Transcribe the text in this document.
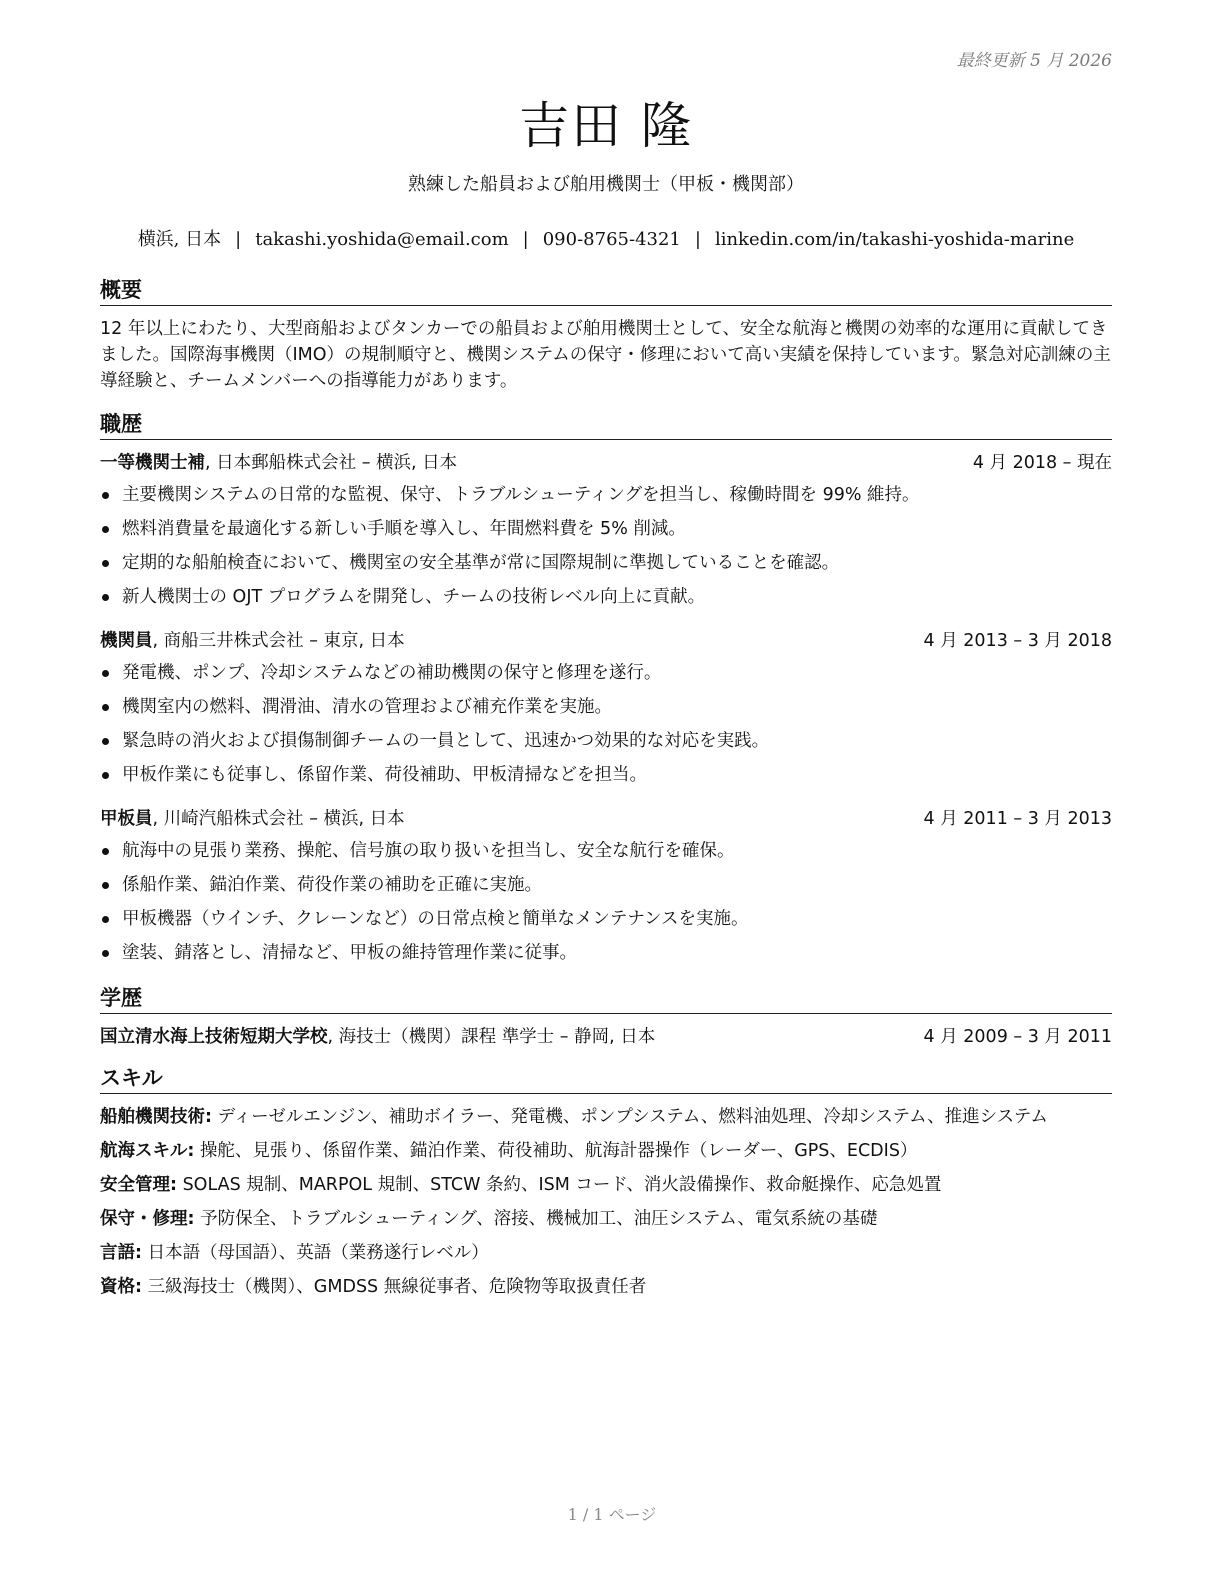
最終更新 5 月 2026
吉田 隆
熟練した船員および舶用機関士（甲板・機関部）
横浜, 日本 | takashi.yoshida@email.com | 090-8765-4321 | linkedin.com/in/takashi-yoshida-marine
概要
12 年以上にわたり、大型商船およびタンカーでの船員および舶用機関士として、安全な航海と機関の効率的な運用に貢献してきました。国際海事機関（IMO）の規制順守と、機関システムの保守・修理において高い実績を保持しています。緊急対応訓練の主導経験と、チームメンバーへの指導能力があります。
職歴
一等機関士補, 日本郵船株式会社 – 横浜, 日本	4 月 2018 – 現在
主要機関システムの日常的な監視、保守、トラブルシューティングを担当し、稼働時間を 99% 維持。
燃料消費量を最適化する新しい手順を導入し、年間燃料費を 5% 削減。
定期的な船舶検査において、機関室の安全基準が常に国際規制に準拠していることを確認。
新人機関士の OJT プログラムを開発し、チームの技術レベル向上に貢献。
機関員, 商船三井株式会社 – 東京, 日本	4 月 2013 – 3 月 2018
発電機、ポンプ、冷却システムなどの補助機関の保守と修理を遂行。
機関室内の燃料、潤滑油、清水の管理および補充作業を実施。
緊急時の消火および損傷制御チームの一員として、迅速かつ効果的な対応を実践。
甲板作業にも従事し、係留作業、荷役補助、甲板清掃などを担当。
甲板員, 川崎汽船株式会社 – 横浜, 日本	4 月 2011 – 3 月 2013
航海中の見張り業務、操舵、信号旗の取り扱いを担当し、安全な航行を確保。
係船作業、錨泊作業、荷役作業の補助を正確に実施。
甲板機器（ウインチ、クレーンなど）の日常点検と簡単なメンテナンスを実施。
塗装、錆落とし、清掃など、甲板の維持管理作業に従事。
学歴
国立清水海上技術短期大学校, 海技士（機関）課程 準学士 – 静岡, 日本	4 月 2009 – 3 月 2011
スキル
船舶機関技術: ディーゼルエンジン、補助ボイラー、発電機、ポンプシステム、燃料油処理、冷却システム、推進システム
航海スキル: 操舵、見張り、係留作業、錨泊作業、荷役補助、航海計器操作（レーダー、GPS、ECDIS）
安全管理: SOLAS 規制、MARPOL 規制、STCW 条約、ISM コード、消火設備操作、救命艇操作、応急処置
保守・修理: 予防保全、トラブルシューティング、溶接、機械加工、油圧システム、電気系統の基礎
言語: 日本語（母国語）、英語（業務遂行レベル）
資格: 三級海技士（機関）、GMDSS 無線従事者、危険物等取扱責任者
1 / 1 ページ
